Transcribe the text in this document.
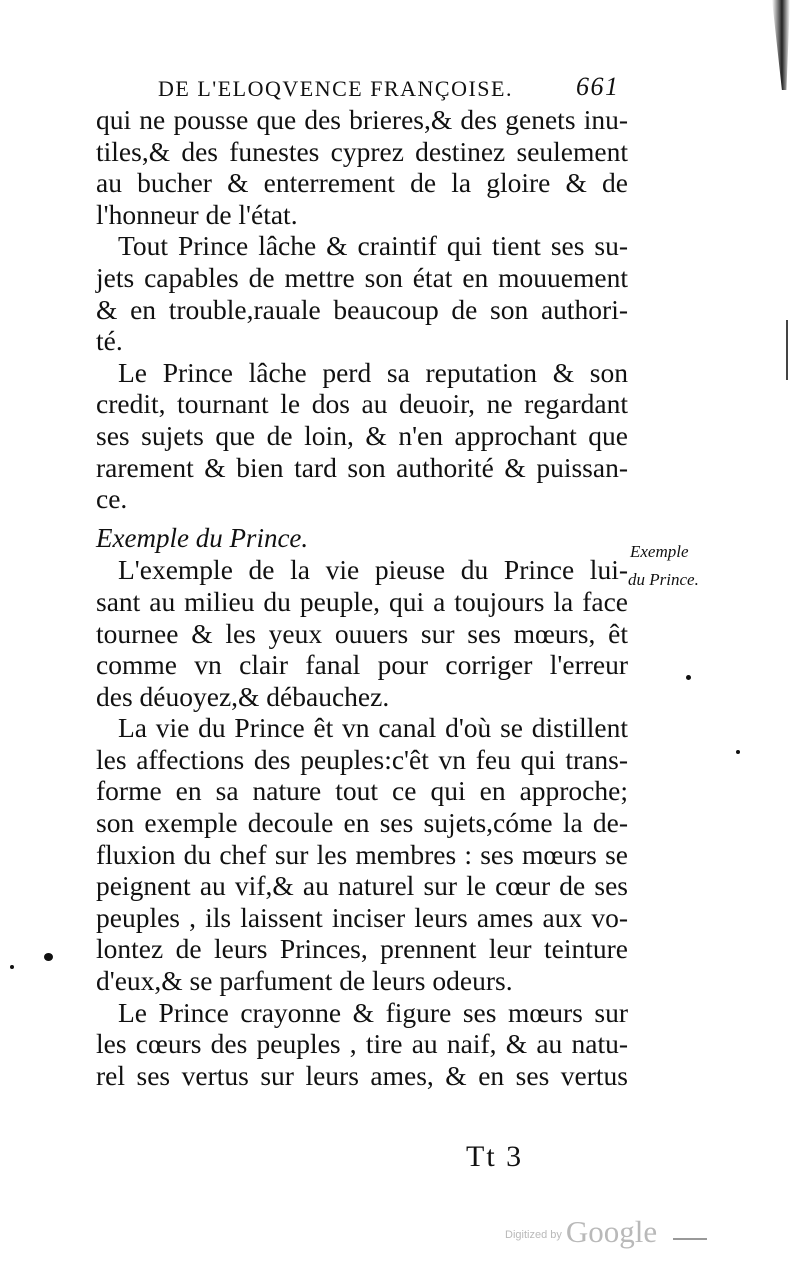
DE L'ELOQVENCE FRANÇOISE. 661
qui ne pousse que des brieres,& des genets inu-
tiles,& des funestes cyprez destinez seulement
au bucher & enterrement de la gloire & de
l'honneur de l'état.
Tout Prince lâche & craintif qui tient ses su-
jets capables de mettre son état en mouuement
& en trouble,rauale beaucoup de son authori-
té.
Le Prince lâche perd sa reputation & son
credit, tournant le dos au deuoir, ne regardant
ses sujets que de loin, & n'en approchant que
rarement & bien tard son authorité & puissan-
ce.
Exemple du Prince.
L'exemple de la vie pieuse du Prince lui-
sant au milieu du peuple, qui a toujours la face
tournee & les yeux ouuers sur ses mœurs, êt
comme vn clair fanal pour corriger l'erreur
des déuoyez,& débauchez.
La vie du Prince êt vn canal d'où se distillent
les affections des peuples:c'êt vn feu qui trans-
forme en sa nature tout ce qui en approche;
son exemple decoule en ses sujets,cóme la de-
fluxion du chef sur les membres : ses mœurs se
peignent au vif,& au naturel sur le cœur de ses
peuples , ils laissent inciser leurs ames aux vo-
lontez de leurs Princes, prennent leur teinture
d'eux,& se parfument de leurs odeurs.
Le Prince crayonne & figure ses mœurs sur
les cœurs des peuples , tire au naif, & au natu-
rel ses vertus sur leurs ames, & en ses vertus
Exemple
du Prince.
Tt 3
$^{Digitized by}$ Google
